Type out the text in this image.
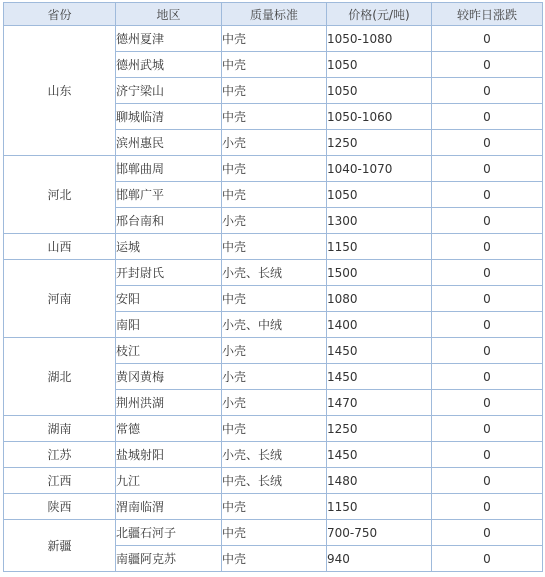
省份	地区	质量标准	价格(元/吨)	较昨日涨跌
山东	德州夏津	中壳	1050-1080	0
	德州武城	中壳	1050	0
	济宁梁山	中壳	1050	0
	聊城临清	中壳	1050-1060	0
	滨州惠民	小壳	1250	0
河北	邯郸曲周	中壳	1040-1070	0
	邯郸广平	中壳	1050	0
	邢台南和	小壳	1300	0
山西	运城	中壳	1150	0
河南	开封尉氏	小壳、长绒	1500	0
	安阳	中壳	1080	0
	南阳	小壳、中绒	1400	0
湖北	枝江	小壳	1450	0
	黄冈黄梅	小壳	1450	0
	荆州洪湖	小壳	1470	0
湖南	常德	中壳	1250	0
江苏	盐城射阳	小壳、长绒	1450	0
江西	九江	中壳、长绒	1480	0
陕西	渭南临渭	中壳	1150	0
新疆	北疆石河子	中壳	700-750	0
	南疆阿克苏	中壳	940	0
